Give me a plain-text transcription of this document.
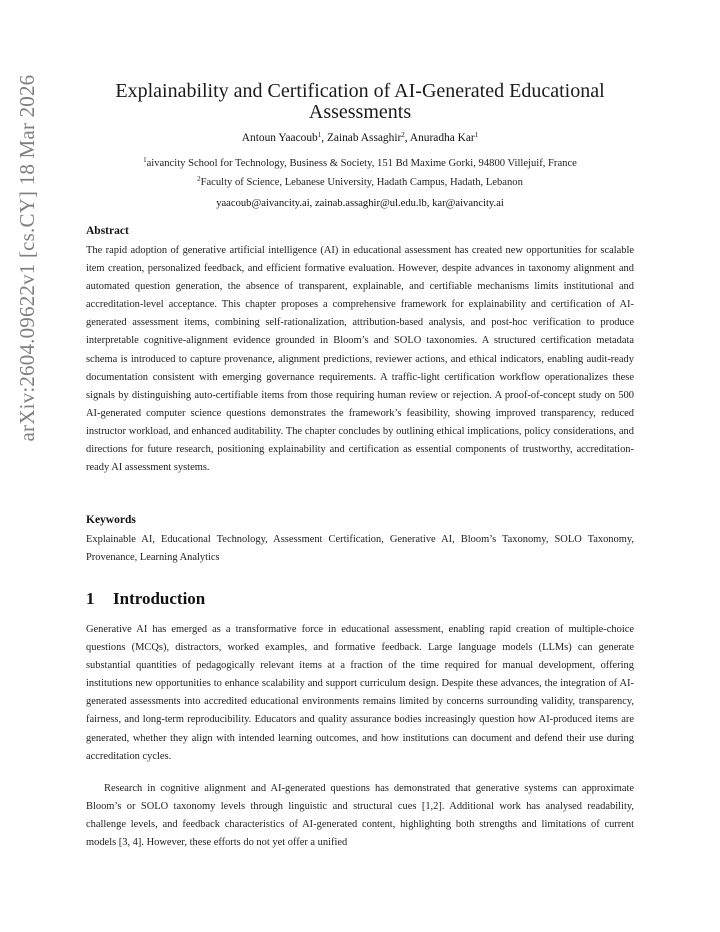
arXiv:2604.09622v1 [cs.CY] 18 Mar 2026	Explainability and Certification of AI-Generated Educational Assessments
Antoun Yaacoub$^1$, Zainab Assaghir$^2$, Anuradha Kar$^1$
$^1$aivancity School for Technology, Business & Society, 151 Bd Maxime Gorki, 94800 Villejuif, France
$^2$Faculty of Science, Lebanese University, Hadath Campus, Hadath, Lebanon
yaacoub@aivancity.ai, zainab.assaghir@ul.edu.lb, kar@aivancity.ai
Abstract

The rapid adoption of generative artificial intelligence (AI) in educational assessment has created new opportunities for scalable item creation, personalized feedback, and efficient formative evaluation. However, despite advances in taxonomy alignment and automated question generation, the absence of transparent, explainable, and certifiable mechanisms limits institutional and accreditation-level acceptance. This chapter proposes a comprehensive framework for explainability and certification of AI-generated assessment items, combining self-rationalization, attribution-based analysis, and post-hoc verification to produce interpretable cognitive-alignment evidence grounded in Bloom’s and SOLO taxonomies. A structured certification metadata schema is introduced to capture provenance, alignment predictions, reviewer actions, and ethical indicators, enabling audit-ready documentation consistent with emerging governance requirements. A traffic-light certification workflow operationalizes these signals by distinguishing auto-certifiable items from those requiring human review or rejection. A proof-of-concept study on 500 AI-generated computer science questions demonstrates the framework’s feasibility, showing improved transparency, reduced instructor workload, and enhanced auditability. The chapter concludes by outlining ethical implications, policy considerations, and directions for future research, positioning explainability and certification as essential components of trustworthy, accreditation-ready AI assessment systems.

Keywords

Explainable AI, Educational Technology, Assessment Certification, Generative AI, Bloom’s Taxonomy, SOLO Taxonomy, Provenance, Learning Analytics

1 Introduction

Generative AI has emerged as a transformative force in educational assessment, enabling rapid creation of multiple-choice questions (MCQs), distractors, worked examples, and formative feedback. Large language models (LLMs) can generate substantial quantities of pedagogically relevant items at a fraction of the time required for manual development, offering institutions new opportunities to enhance scalability and support curriculum design. Despite these advances, the integration of AI-generated assessments into accredited educational environments remains limited by concerns surrounding validity, transparency, fairness, and long-term reproducibility. Educators and quality assurance bodies increasingly question how AI-produced items are generated, whether they align with intended learning outcomes, and how institutions can document and defend their use during accreditation cycles.

Research in cognitive alignment and AI-generated questions has demonstrated that generative systems can approximate Bloom’s or SOLO taxonomy levels through linguistic and structural cues [1,2]. Additional work has analysed readability, challenge levels, and feedback characteristics of AI-generated content, highlighting both strengths and limitations of current models [3, 4]. However, these efforts do not yet offer a unified
